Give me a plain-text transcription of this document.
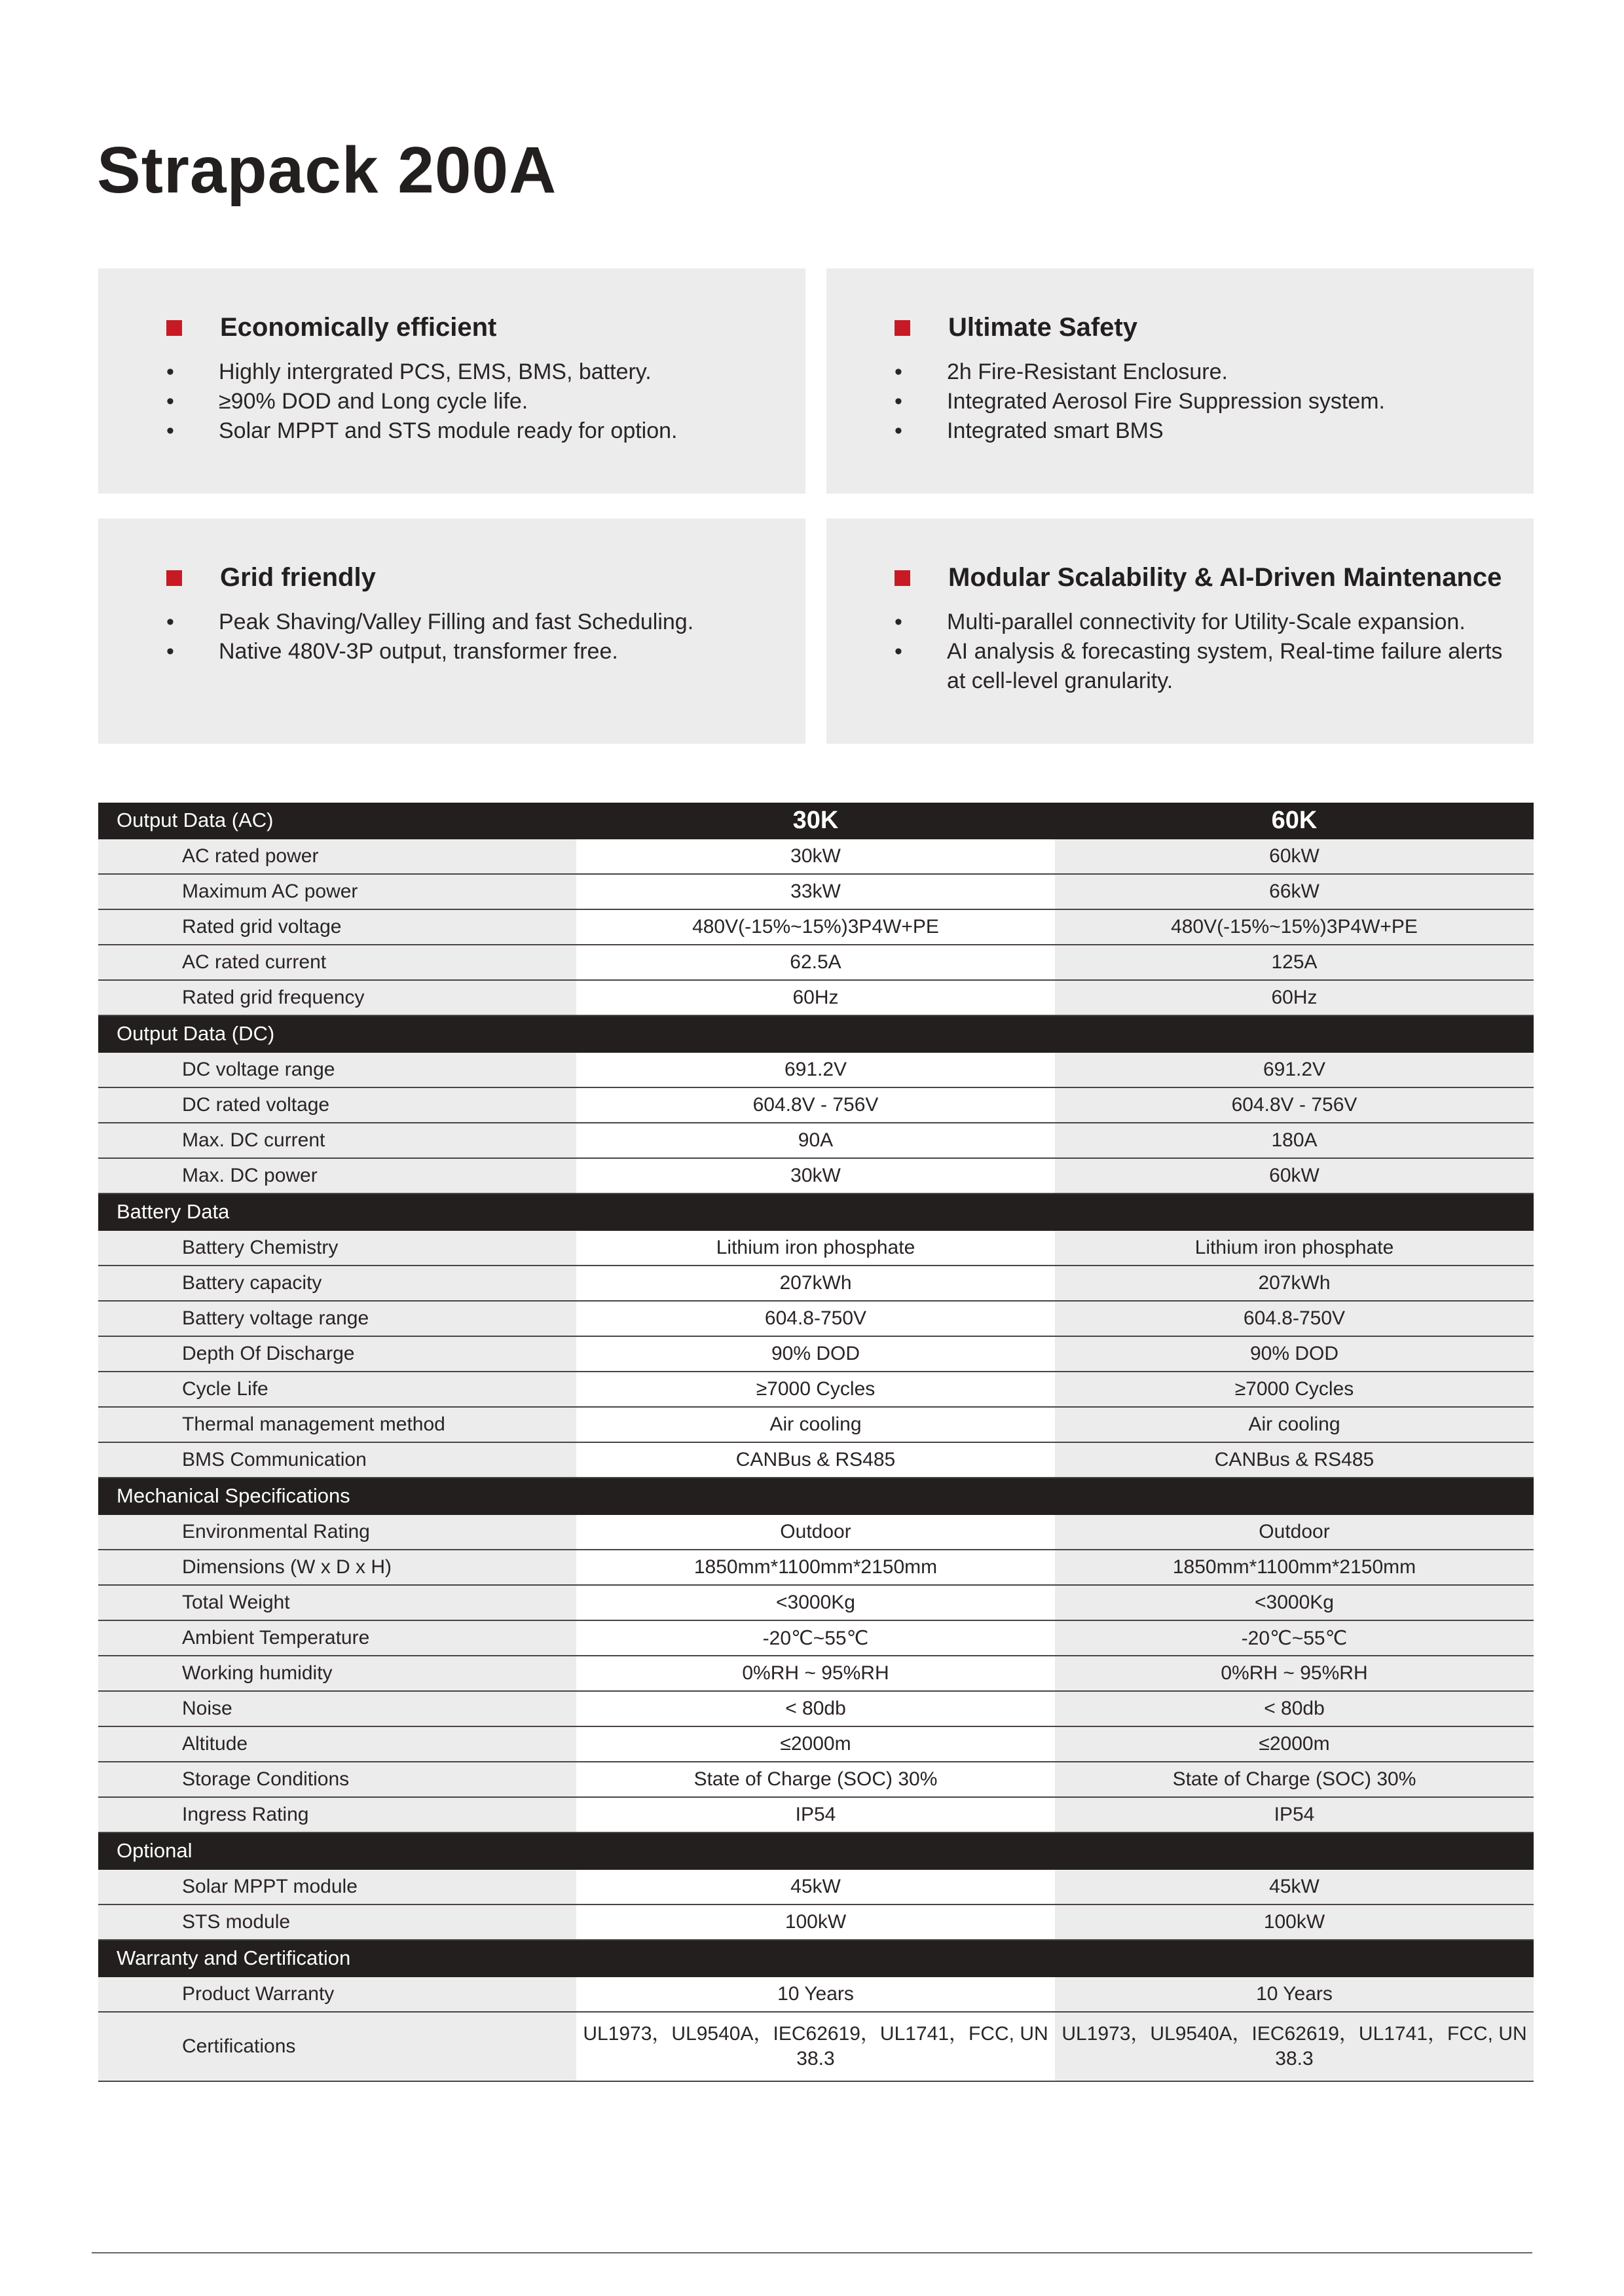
Strapack 200A
Economically efficient
•	Highly intergrated PCS, EMS, BMS, battery.
•	≥90% DOD and Long cycle life.
•	Solar MPPT and STS module ready for option.
Ultimate Safety
•	2h Fire-Resistant Enclosure.
•	Integrated Aerosol Fire Suppression system.
•	Integrated smart BMS
Grid friendly
•	Peak Shaving/Valley Filling and fast Scheduling.
•	Native 480V-3P output, transformer free.
Modular Scalability & AI-Driven Maintenance
•	Multi-parallel connectivity for Utility-Scale expansion.
•	AI analysis & forecasting system, Real-time failure alerts at cell-level granularity.
Output Data (AC)	30K	60K
AC rated power	30kW	60kW
Maximum AC power	33kW	66kW
Rated grid voltage	480V(-15%~15%)3P4W+PE	480V(-15%~15%)3P4W+PE
AC rated current	62.5A	125A
Rated grid frequency	60Hz	60Hz
Output Data (DC)		
DC voltage range	691.2V	691.2V
DC rated voltage	604.8V - 756V	604.8V - 756V
Max. DC current	90A	180A
Max. DC power	30kW	60kW
Battery Data		
Battery Chemistry	Lithium iron phosphate	Lithium iron phosphate
Battery capacity	207kWh	207kWh
Battery voltage range	604.8-750V	604.8-750V
Depth Of Discharge	90% DOD	90% DOD
Cycle Life	≥7000 Cycles	≥7000 Cycles
Thermal management method	Air cooling	Air cooling
BMS Communication	CANBus & RS485	CANBus & RS485
Mechanical Specifications		
Environmental Rating	Outdoor	Outdoor
Dimensions (W x D x H)	1850mm*1100mm*2150mm	1850mm*1100mm*2150mm
Total Weight	<3000Kg	<3000Kg
Ambient Temperature	-20℃~55℃	-20℃~55℃
Working humidity	0%RH ~ 95%RH	0%RH ~ 95%RH
Noise	< 80db	< 80db
Altitude	≤2000m	≤2000m
Storage Conditions	State of Charge (SOC) 30%	State of Charge (SOC) 30%
Ingress Rating	IP54	IP54
Optional		
Solar MPPT module	45kW	45kW
STS module	100kW	100kW
Warranty and Certification		
Product Warranty	10 Years	10 Years
Certifications	UL1973，UL9540A，IEC62619，UL1741，FCC, UN 38.3	UL1973，UL9540A，IEC62619，UL1741，FCC, UN 38.3
